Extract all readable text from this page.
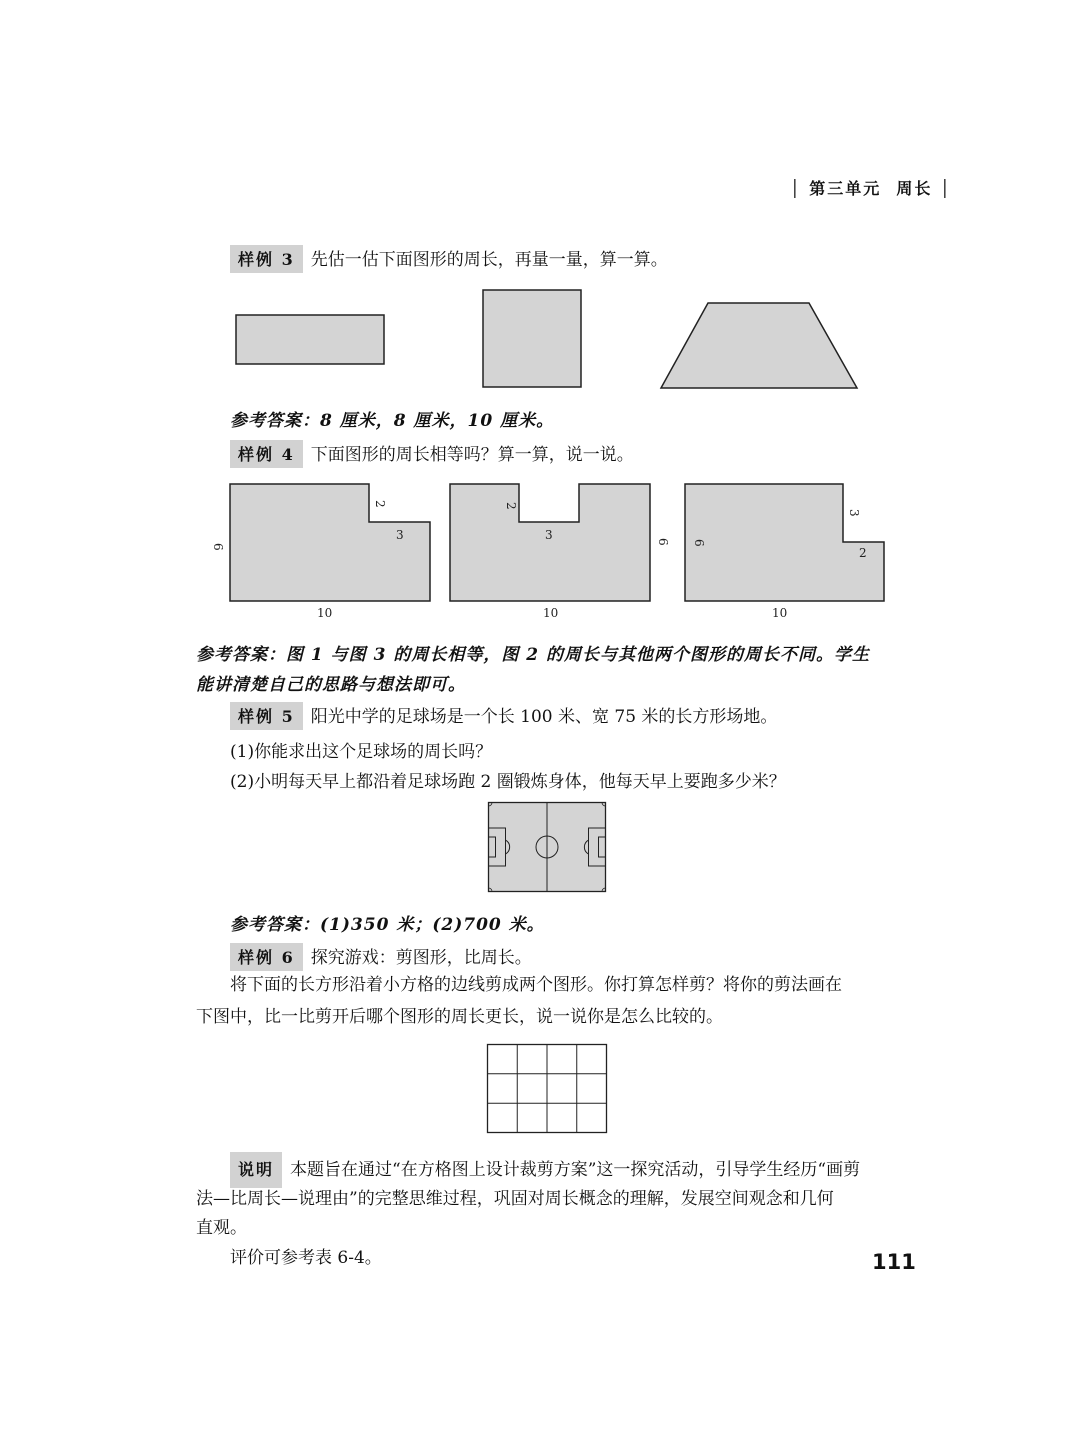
│ 第三单元 周长 │
样例 3 先估一估下面图形的周长，再量一量，算一算。
参考答案：8 厘米，8 厘米，10 厘米。
样例 4 下面图形的周长相等吗？算一算，说一说。
6
2
3
10
2
3	6
10
6
3
2
10
参考答案：图 1 与图 3 的周长相等，图 2 的周长与其他两个图形的周长不同。学生
能讲清楚自己的思路与想法即可。
样例 5 阳光中学的足球场是一个长 100 米、宽 75 米的长方形场地。
(1)你能求出这个足球场的周长吗？
(2)小明每天早上都沿着足球场跑 2 圈锻炼身体，他每天早上要跑多少米？
参考答案：(1)350 米；(2)700 米。
样例 6 探究游戏：剪图形，比周长。
将下面的长方形沿着小方格的边线剪成两个图形。你打算怎样剪？将你的剪法画在
下图中，比一比剪开后哪个图形的周长更长，说一说你是怎么比较的。
说明 本题旨在通过“在方格图上设计裁剪方案”这一探究活动，引导学生经历“画剪
法—比周长—说理由”的完整思维过程，巩固对周长概念的理解，发展空间观念和几何
直观。
评价可参考表 6-4。	111
